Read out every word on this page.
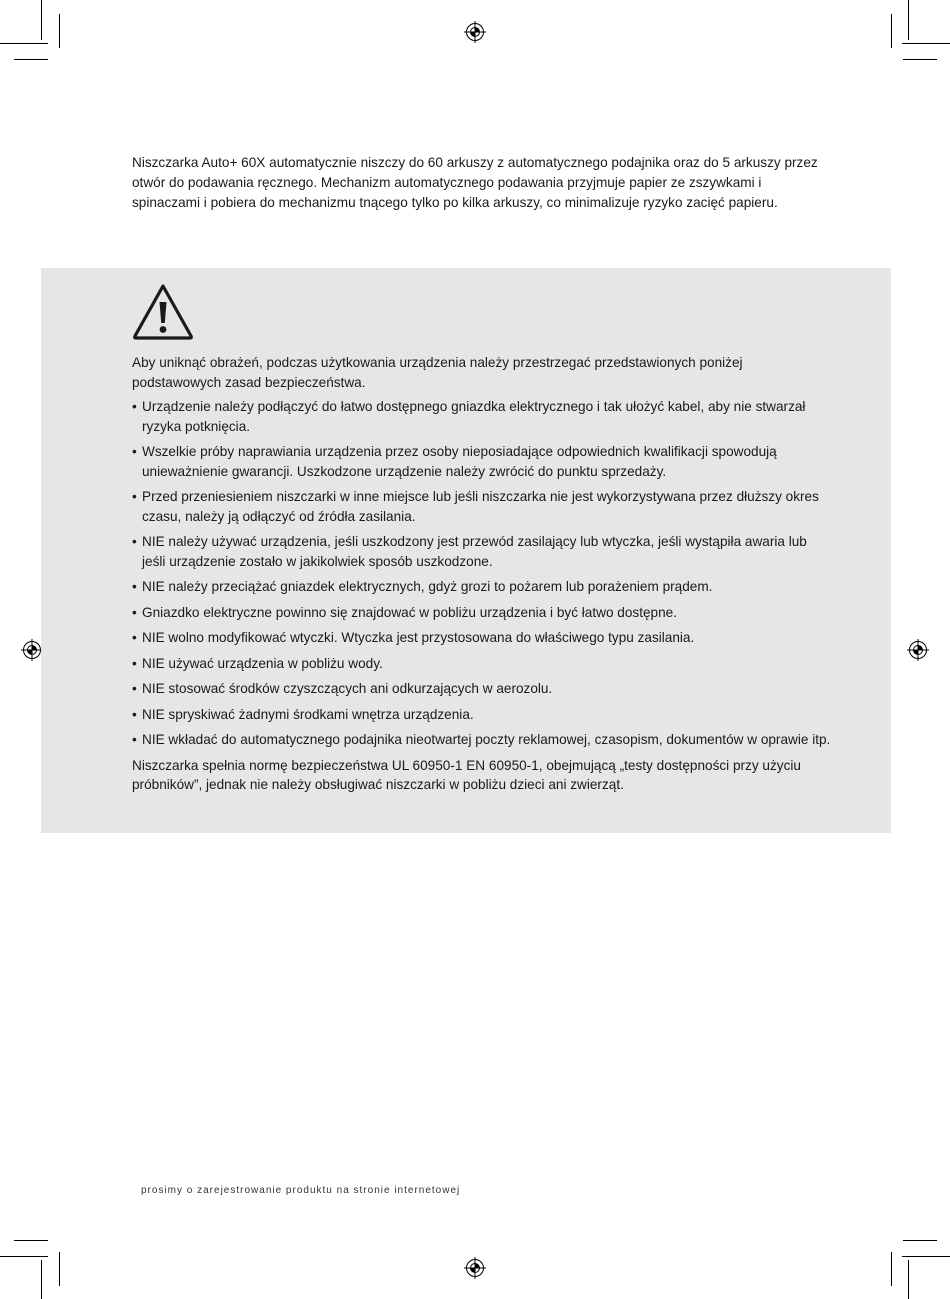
Niszczarka Auto+ 60X automatycznie niszczy do 60 arkuszy z automatycznego podajnika oraz do 5 arkuszy przez otwór do podawania ręcznego. Mechanizm automatycznego podawania przyjmuje papier ze zszywkami i spinaczami i pobiera do mechanizmu tnącego tylko po kilka arkuszy, co minimalizuje ryzyko zacięć papieru.

Aby uniknąć obrażeń, podczas użytkowania urządzenia należy przestrzegać przedstawionych poniżej podstawowych zasad bezpieczeństwa.

• Urządzenie należy podłączyć do łatwo dostępnego gniazdka elektrycznego i tak ułożyć kabel, aby nie stwarzał ryzyka potknięcia.
• Wszelkie próby naprawiania urządzenia przez osoby nieposiadające odpowiednich kwalifikacji spowodują unieważnienie gwarancji. Uszkodzone urządzenie należy zwrócić do punktu sprzedaży.
• Przed przeniesieniem niszczarki w inne miejsce lub jeśli niszczarka nie jest wykorzystywana przez dłuższy okres czasu, należy ją odłączyć od źródła zasilania.
• NIE należy używać urządzenia, jeśli uszkodzony jest przewód zasilający lub wtyczka, jeśli wystąpiła awaria lub jeśli urządzenie zostało w jakikolwiek sposób uszkodzone.
• NIE należy przeciążać gniazdek elektrycznych, gdyż grozi to pożarem lub porażeniem prądem.
• Gniazdko elektryczne powinno się znajdować w pobliżu urządzenia i być łatwo dostępne.
• NIE wolno modyfikować wtyczki. Wtyczka jest przystosowana do właściwego typu zasilania.
• NIE używać urządzenia w pobliżu wody.
• NIE stosować środków czyszczących ani odkurzających w aerozolu.
• NIE spryskiwać żadnymi środkami wnętrza urządzenia.
• NIE wkładać do automatycznego podajnika nieotwartej poczty reklamowej, czasopism, dokumentów w oprawie itp.

Niszczarka spełnia normę bezpieczeństwa UL 60950-1 EN 60950-1, obejmującą „testy dostępności przy użyciu próbników”, jednak nie należy obsługiwać niszczarki w pobliżu dzieci ani zwierząt.

prosimy o zarejestrowanie produktu na stronie internetowej
